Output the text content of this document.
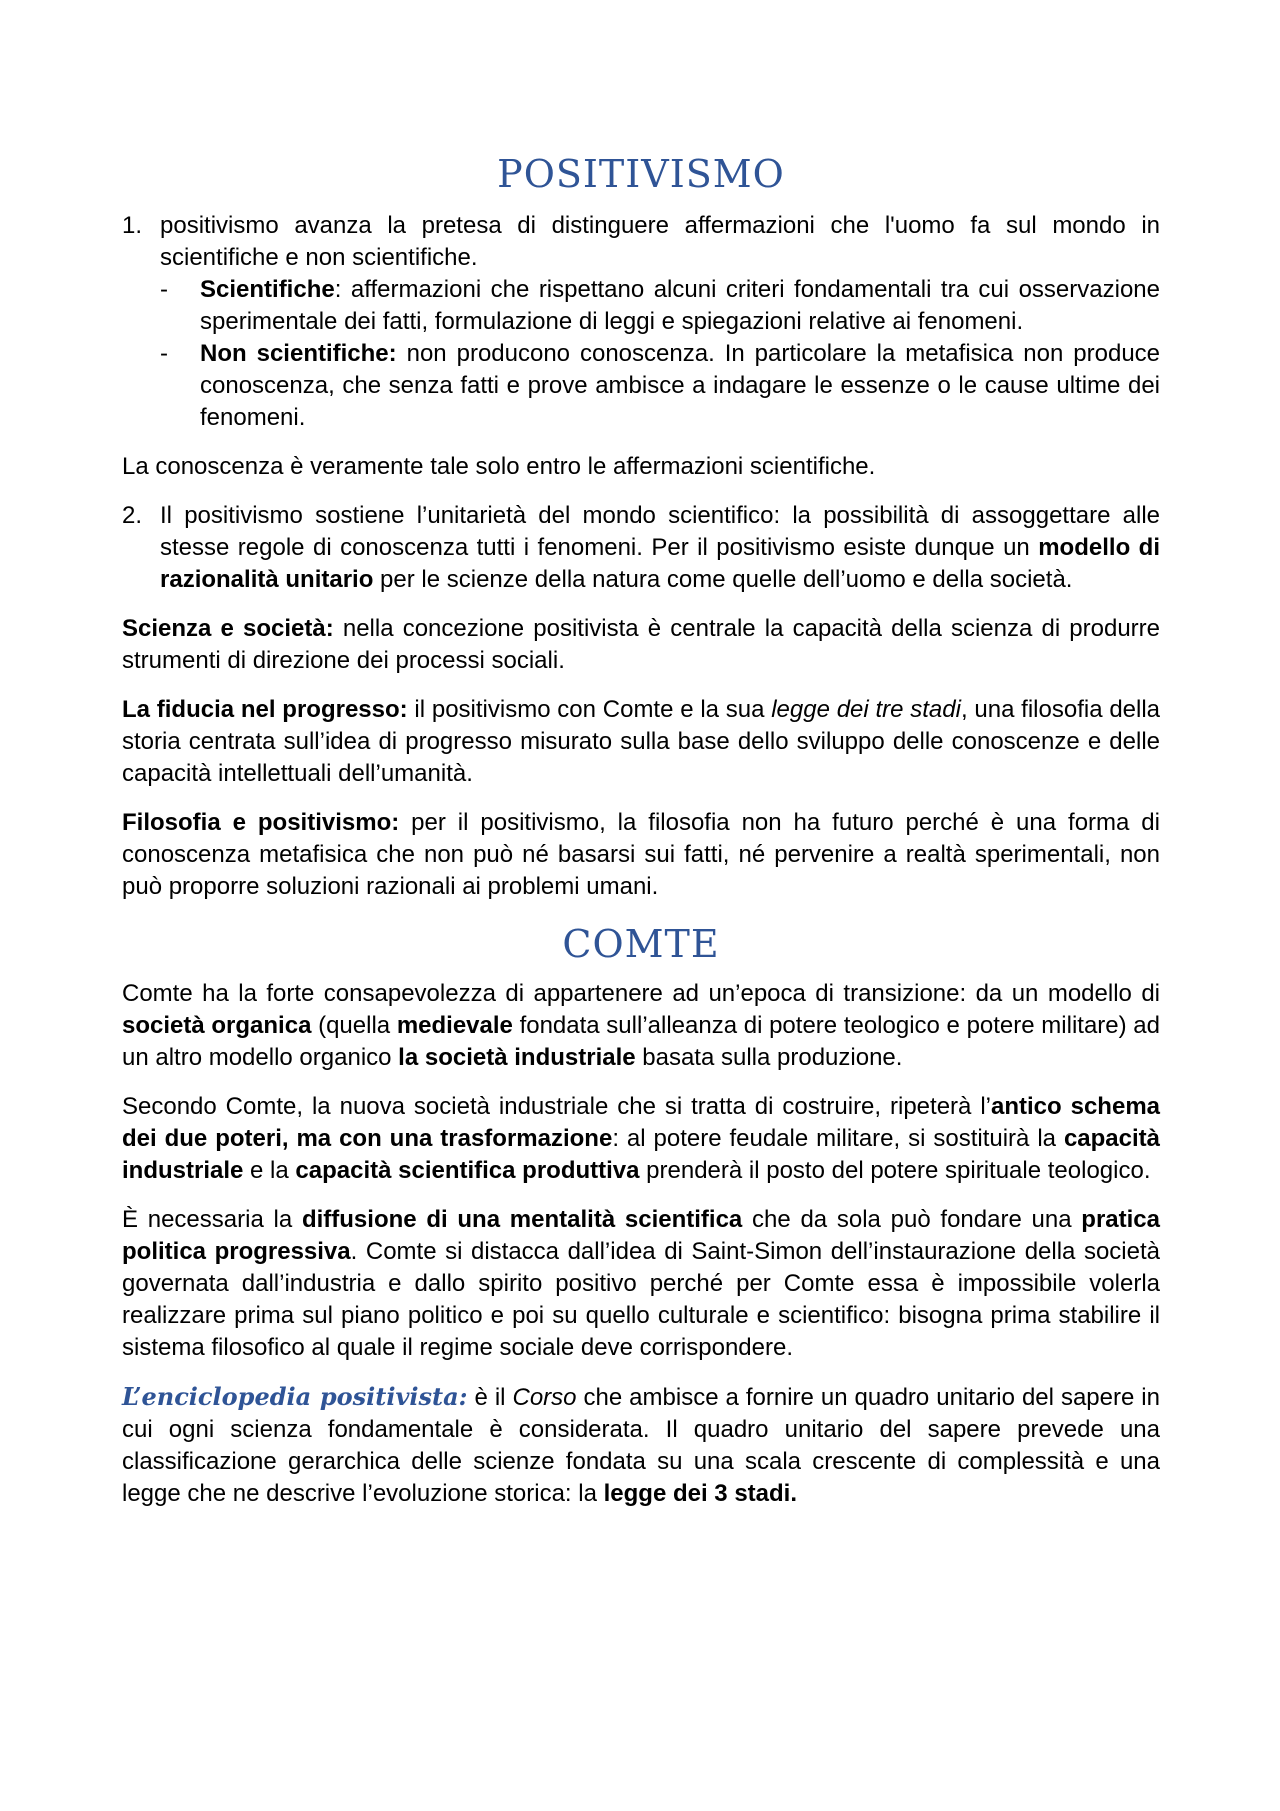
POSITIVISMO
1. positivismo avanza la pretesa di distinguere affermazioni che l'uomo fa sul mondo in scientifiche e non scientifiche.
- Scientifiche: affermazioni che rispettano alcuni criteri fondamentali tra cui osservazione sperimentale dei fatti, formulazione di leggi e spiegazioni relative ai fenomeni.
- Non scientifiche: non producono conoscenza. In particolare la metafisica non produce conoscenza, che senza fatti e prove ambisce a indagare le essenze o le cause ultime dei fenomeni.

La conoscenza è veramente tale solo entro le affermazioni scientifiche.

2. Il positivismo sostiene l’unitarietà del mondo scientifico: la possibilità di assoggettare alle stesse regole di conoscenza tutti i fenomeni. Per il positivismo esiste dunque un modello di razionalità unitario per le scienze della natura come quelle dell’uomo e della società.

Scienza e società: nella concezione positivista è centrale la capacità della scienza di produrre strumenti di direzione dei processi sociali.

La fiducia nel progresso: il positivismo con Comte e la sua legge dei tre stadi, una filosofia della storia centrata sull’idea di progresso misurato sulla base dello sviluppo delle conoscenze e delle capacità intellettuali dell’umanità.

Filosofia e positivismo: per il positivismo, la filosofia non ha futuro perché è una forma di conoscenza metafisica che non può né basarsi sui fatti, né pervenire a realtà sperimentali, non può proporre soluzioni razionali ai problemi umani.

COMTE

Comte ha la forte consapevolezza di appartenere ad un’epoca di transizione: da un modello di società organica (quella medievale fondata sull’alleanza di potere teologico e potere militare) ad un altro modello organico la società industriale basata sulla produzione.

Secondo Comte, la nuova società industriale che si tratta di costruire, ripeterà l’antico schema dei due poteri, ma con una trasformazione: al potere feudale militare, si sostituirà la capacità industriale e la capacità scientifica produttiva prenderà il posto del potere spirituale teologico.

È necessaria la diffusione di una mentalità scientifica che da sola può fondare una pratica politica progressiva. Comte si distacca dall’idea di Saint-Simon dell’instaurazione della società governata dall’industria e dallo spirito positivo perché per Comte essa è impossibile volerla realizzare prima sul piano politico e poi su quello culturale e scientifico: bisogna prima stabilire il sistema filosofico al quale il regime sociale deve corrispondere.

L’enciclopedia positivista: è il Corso che ambisce a fornire un quadro unitario del sapere in cui ogni scienza fondamentale è considerata. Il quadro unitario del sapere prevede una classificazione gerarchica delle scienze fondata su una scala crescente di complessità e una legge che ne descrive l’evoluzione storica: la legge dei 3 stadi.
